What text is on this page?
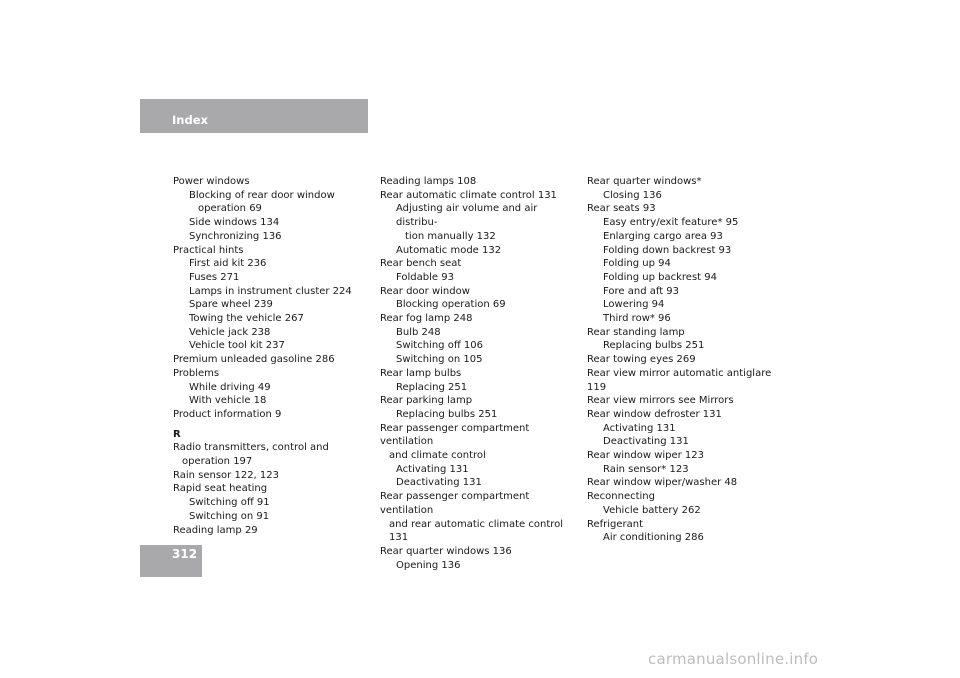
Index
Power windows
Blocking of rear door window
operation 69
Side windows 134
Synchronizing 136
Practical hints
First aid kit 236
Fuses 271
Lamps in instrument cluster 224
Spare wheel 239
Towing the vehicle 267
Vehicle jack 238
Vehicle tool kit 237
Premium unleaded gasoline 286
Problems
While driving 49
With vehicle 18
Product information 9
R
Radio transmitters, control and
operation 197
Rain sensor 122, 123
Rapid seat heating
Switching off 91
Switching on 91
Reading lamp 29
Reading lamps 108
Rear automatic climate control 131
Adjusting air volume and air distribu-
tion manually 132
Automatic mode 132
Rear bench seat
Foldable 93
Rear door window
Blocking operation 69
Rear fog lamp 248
Bulb 248
Switching off 106
Switching on 105
Rear lamp bulbs
Replacing 251
Rear parking lamp
Replacing bulbs 251
Rear passenger compartment ventilation
and climate control
Activating 131
Deactivating 131
Rear passenger compartment ventilation
and rear automatic climate control 131
Rear quarter windows 136
Opening 136
Rear quarter windows*
Closing 136
Rear seats 93
Easy entry/exit feature* 95
Enlarging cargo area 93
Folding down backrest 93
Folding up 94
Folding up backrest 94
Fore and aft 93
Lowering 94
Third row* 96
Rear standing lamp
Replacing bulbs 251
Rear towing eyes 269
Rear view mirror automatic antiglare 119
Rear view mirrors see Mirrors
Rear window defroster 131
Activating 131
Deactivating 131
Rear window wiper 123
Rain sensor* 123
Rear window wiper/washer 48
Reconnecting
Vehicle battery 262
Refrigerant
Air conditioning 286
312
carmanualsonline.info
